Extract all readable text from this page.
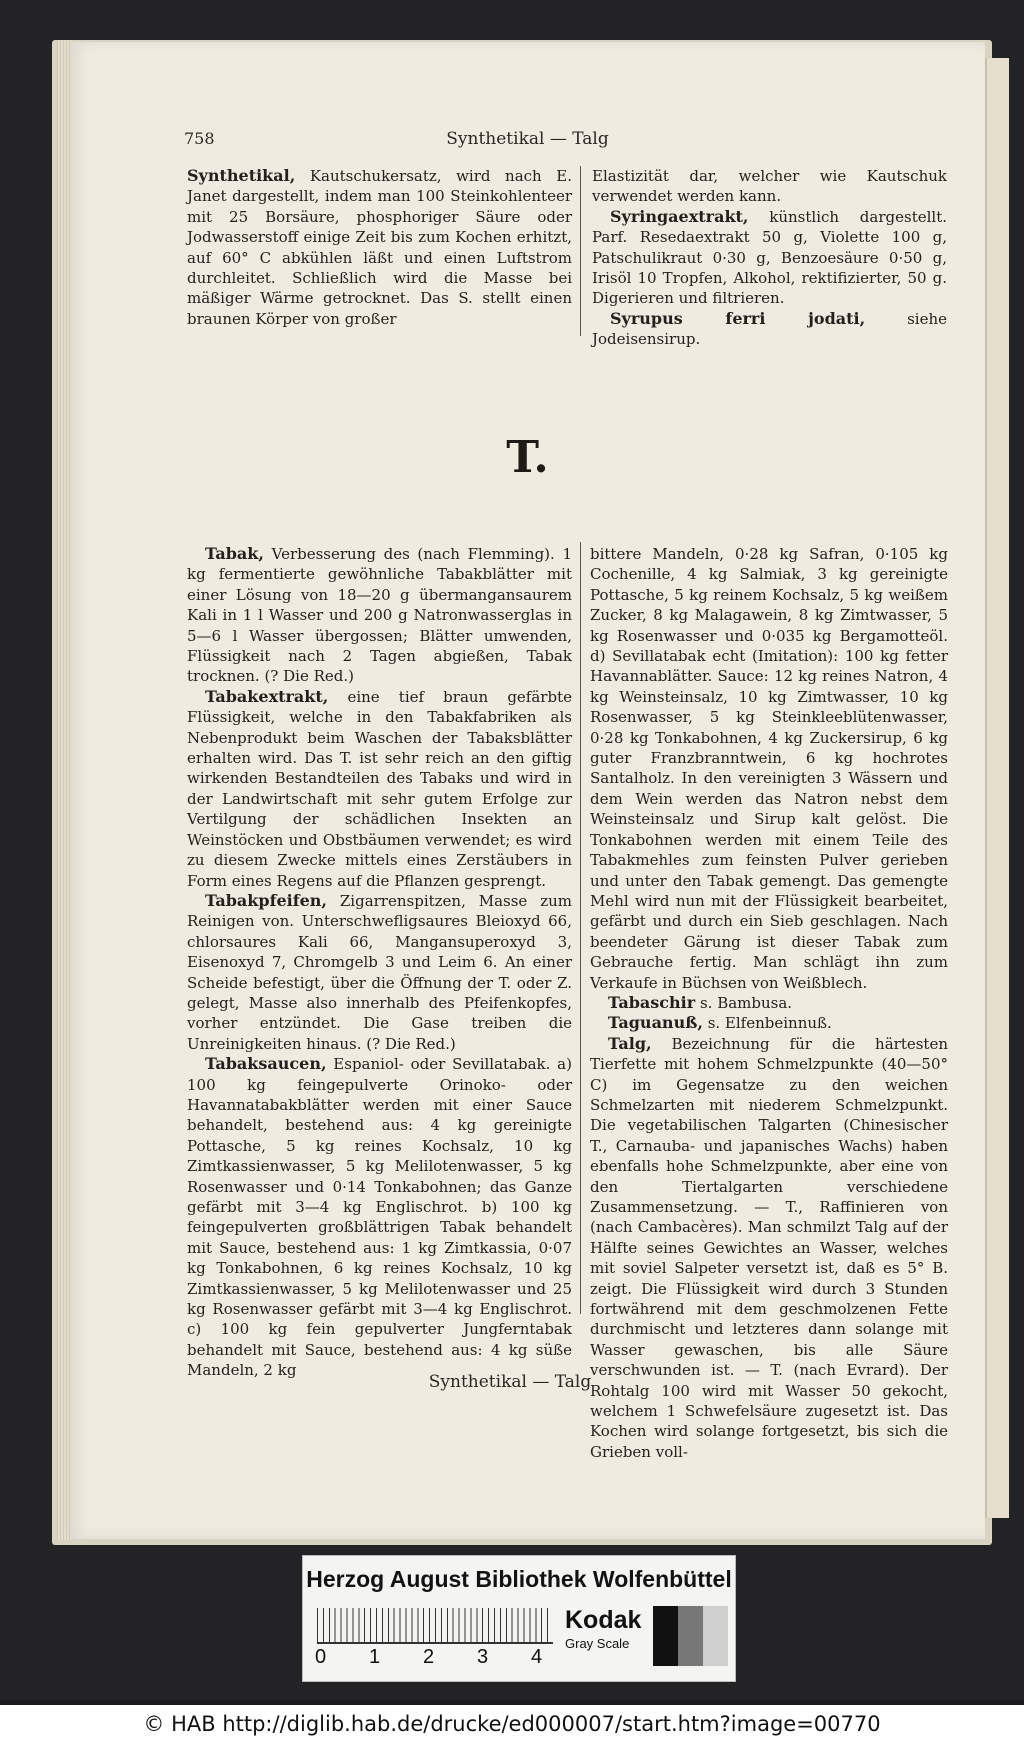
758	Synthetikal — Talg

Synthetikal, Kautschukersatz, wird nach E. Janet dargestellt, indem man 100 Steinkohlenteer mit 25 Borsäure, phosphoriger Säure oder Jodwasserstoff einige Zeit bis zum Kochen erhitzt, auf 60° C abkühlen läßt und einen Luftstrom durchleitet. Schließlich wird die Masse bei mäßiger Wärme getrocknet. Das S. stellt einen braunen Körper von großer

Elastizität dar, welcher wie Kautschuk verwendet werden kann.

Syringaextrakt, künstlich dargestellt. Parf. Resedaextrakt 50 g, Violette 100 g, Patschulikraut 0·30 g, Benzoesäure 0·50 g, Irisöl 10 Tropfen, Alkohol, rektifizierter, 50 g. Digerieren und filtrieren.

Syrupus ferri jodati,	siehe Jodeisensirup.

T.

Tabak, Verbesserung des (nach Flemming). 1 kg fermentierte gewöhnliche Tabakblätter mit einer Lösung von 18—20 g übermangansaurem Kali in 1 l Wasser und 200 g Natronwasserglas in 5—6 l Wasser übergossen; Blätter umwenden, Flüssigkeit nach 2 Tagen abgießen, Tabak trocknen. (? Die Red.)

Tabakextrakt, eine tief braun gefärbte Flüssigkeit, welche in den Tabakfabriken als Nebenprodukt beim Waschen der Tabaksblätter erhalten wird. Das T. ist sehr reich an den giftig wirkenden Bestandteilen des Tabaks und wird in der Landwirtschaft mit sehr gutem Erfolge zur Vertilgung der schädlichen Insekten an Weinstöcken und Obstbäumen verwendet; es wird zu diesem Zwecke mittels eines Zerstäubers in Form eines Regens auf die Pflanzen gesprengt.

Tabakpfeifen, Zigarrenspitzen, Masse zum Reinigen von. Unterschwefligsaures Bleioxyd 66, chlorsaures Kali 66, Mangansuperoxyd 3, Eisenoxyd 7, Chromgelb 3 und Leim 6. An einer Scheide befestigt, über die Öffnung der T. oder Z. gelegt, Masse also innerhalb des Pfeifenkopfes, vorher entzündet. Die Gase treiben die Unreinigkeiten hinaus. (? Die Red.)

Tabaksaucen, Espaniol- oder Sevillatabak. a) 100 kg feingepulverte Orinoko- oder Havannatabakblätter werden mit einer Sauce behandelt, bestehend aus: 4 kg gereinigte Pottasche, 5 kg reines Kochsalz, 10 kg Zimtkassienwasser, 5 kg Melilotenwasser, 5 kg Rosenwasser und 0·14 Tonkabohnen; das Ganze gefärbt mit 3—4 kg Englischrot. b) 100 kg feingepulverten großblättrigen Tabak behandelt mit Sauce, bestehend aus: 1 kg Zimtkassia, 0·07 kg Tonkabohnen, 6 kg reines Kochsalz, 10 kg Zimtkassienwasser, 5 kg Melilotenwasser und 25 kg Rosenwasser gefärbt mit 3—4 kg Englischrot. c) 100 kg fein gepulverter Jungferntabak behandelt mit Sauce, bestehend aus: 4 kg süße Mandeln, 2 kg

bittere Mandeln, 0·28 kg Safran, 0·105 kg Cochenille, 4 kg Salmiak, 3 kg gereinigte Pottasche, 5 kg reinem Kochsalz, 5 kg weißem Zucker, 8 kg Malagawein, 8 kg Zimtwasser, 5 kg Rosenwasser und 0·035 kg Bergamotteöl. d) Sevillatabak echt (Imitation): 100 kg fetter Havannablätter. Sauce: 12 kg reines Natron, 4 kg Weinsteinsalz, 10 kg Zimtwasser, 10 kg Rosenwasser, 5 kg Steinkleeblütenwasser, 0·28 kg Tonkabohnen, 4 kg Zuckersirup, 6 kg guter Franzbranntwein, 6 kg hochrotes Santalholz. In den vereinigten 3 Wässern und dem Wein werden das Natron nebst dem Weinsteinsalz und Sirup kalt gelöst. Die Tonkabohnen werden mit einem Teile des Tabakmehles zum feinsten Pulver gerieben und unter den Tabak gemengt. Das gemengte Mehl wird nun mit der Flüssigkeit bearbeitet, gefärbt und durch ein Sieb geschlagen. Nach beendeter Gärung ist dieser Tabak zum Gebrauche fertig. Man schlägt ihn zum Verkaufe in Büchsen von Weißblech.

Tabaschir s. Bambusa.

Taguanuß, s. Elfenbeinnuß.

Talg, Bezeichnung für die härtesten Tierfette mit hohem Schmelzpunkte (40—50° C) im Gegensatze zu den weichen Schmelzarten mit niederem Schmelzpunkt. Die vegetabilischen Talgarten (Chinesischer T., Carnauba- und japanisches Wachs) haben ebenfalls hohe Schmelzpunkte, aber eine von den Tiertalgarten verschiedene Zusammensetzung. — T., Raffinieren von (nach Cambacères). Man schmilzt Talg auf der Hälfte seines Gewichtes an Wasser, welches mit soviel Salpeter versetzt ist, daß es 5° B. zeigt. Die Flüssigkeit wird durch 3 Stunden fortwährend mit dem geschmolzenen Fette durchmischt und letzteres dann solange mit Wasser gewaschen, bis alle Säure verschwunden ist. — T. (nach Evrard). Der Rohtalg 100 wird mit Wasser 50 gekocht, welchem 1 Schwefelsäure zugesetzt ist. Das Kochen wird solange fortgesetzt, bis sich die Grieben voll-

Synthetikal — Talg
Herzog August Bibliothek Wolfenbüttel
0 1 2 3 4
Kodak
Gray Scale
© HAB http://diglib.hab.de/drucke/ed000007/start.htm?image=00770
